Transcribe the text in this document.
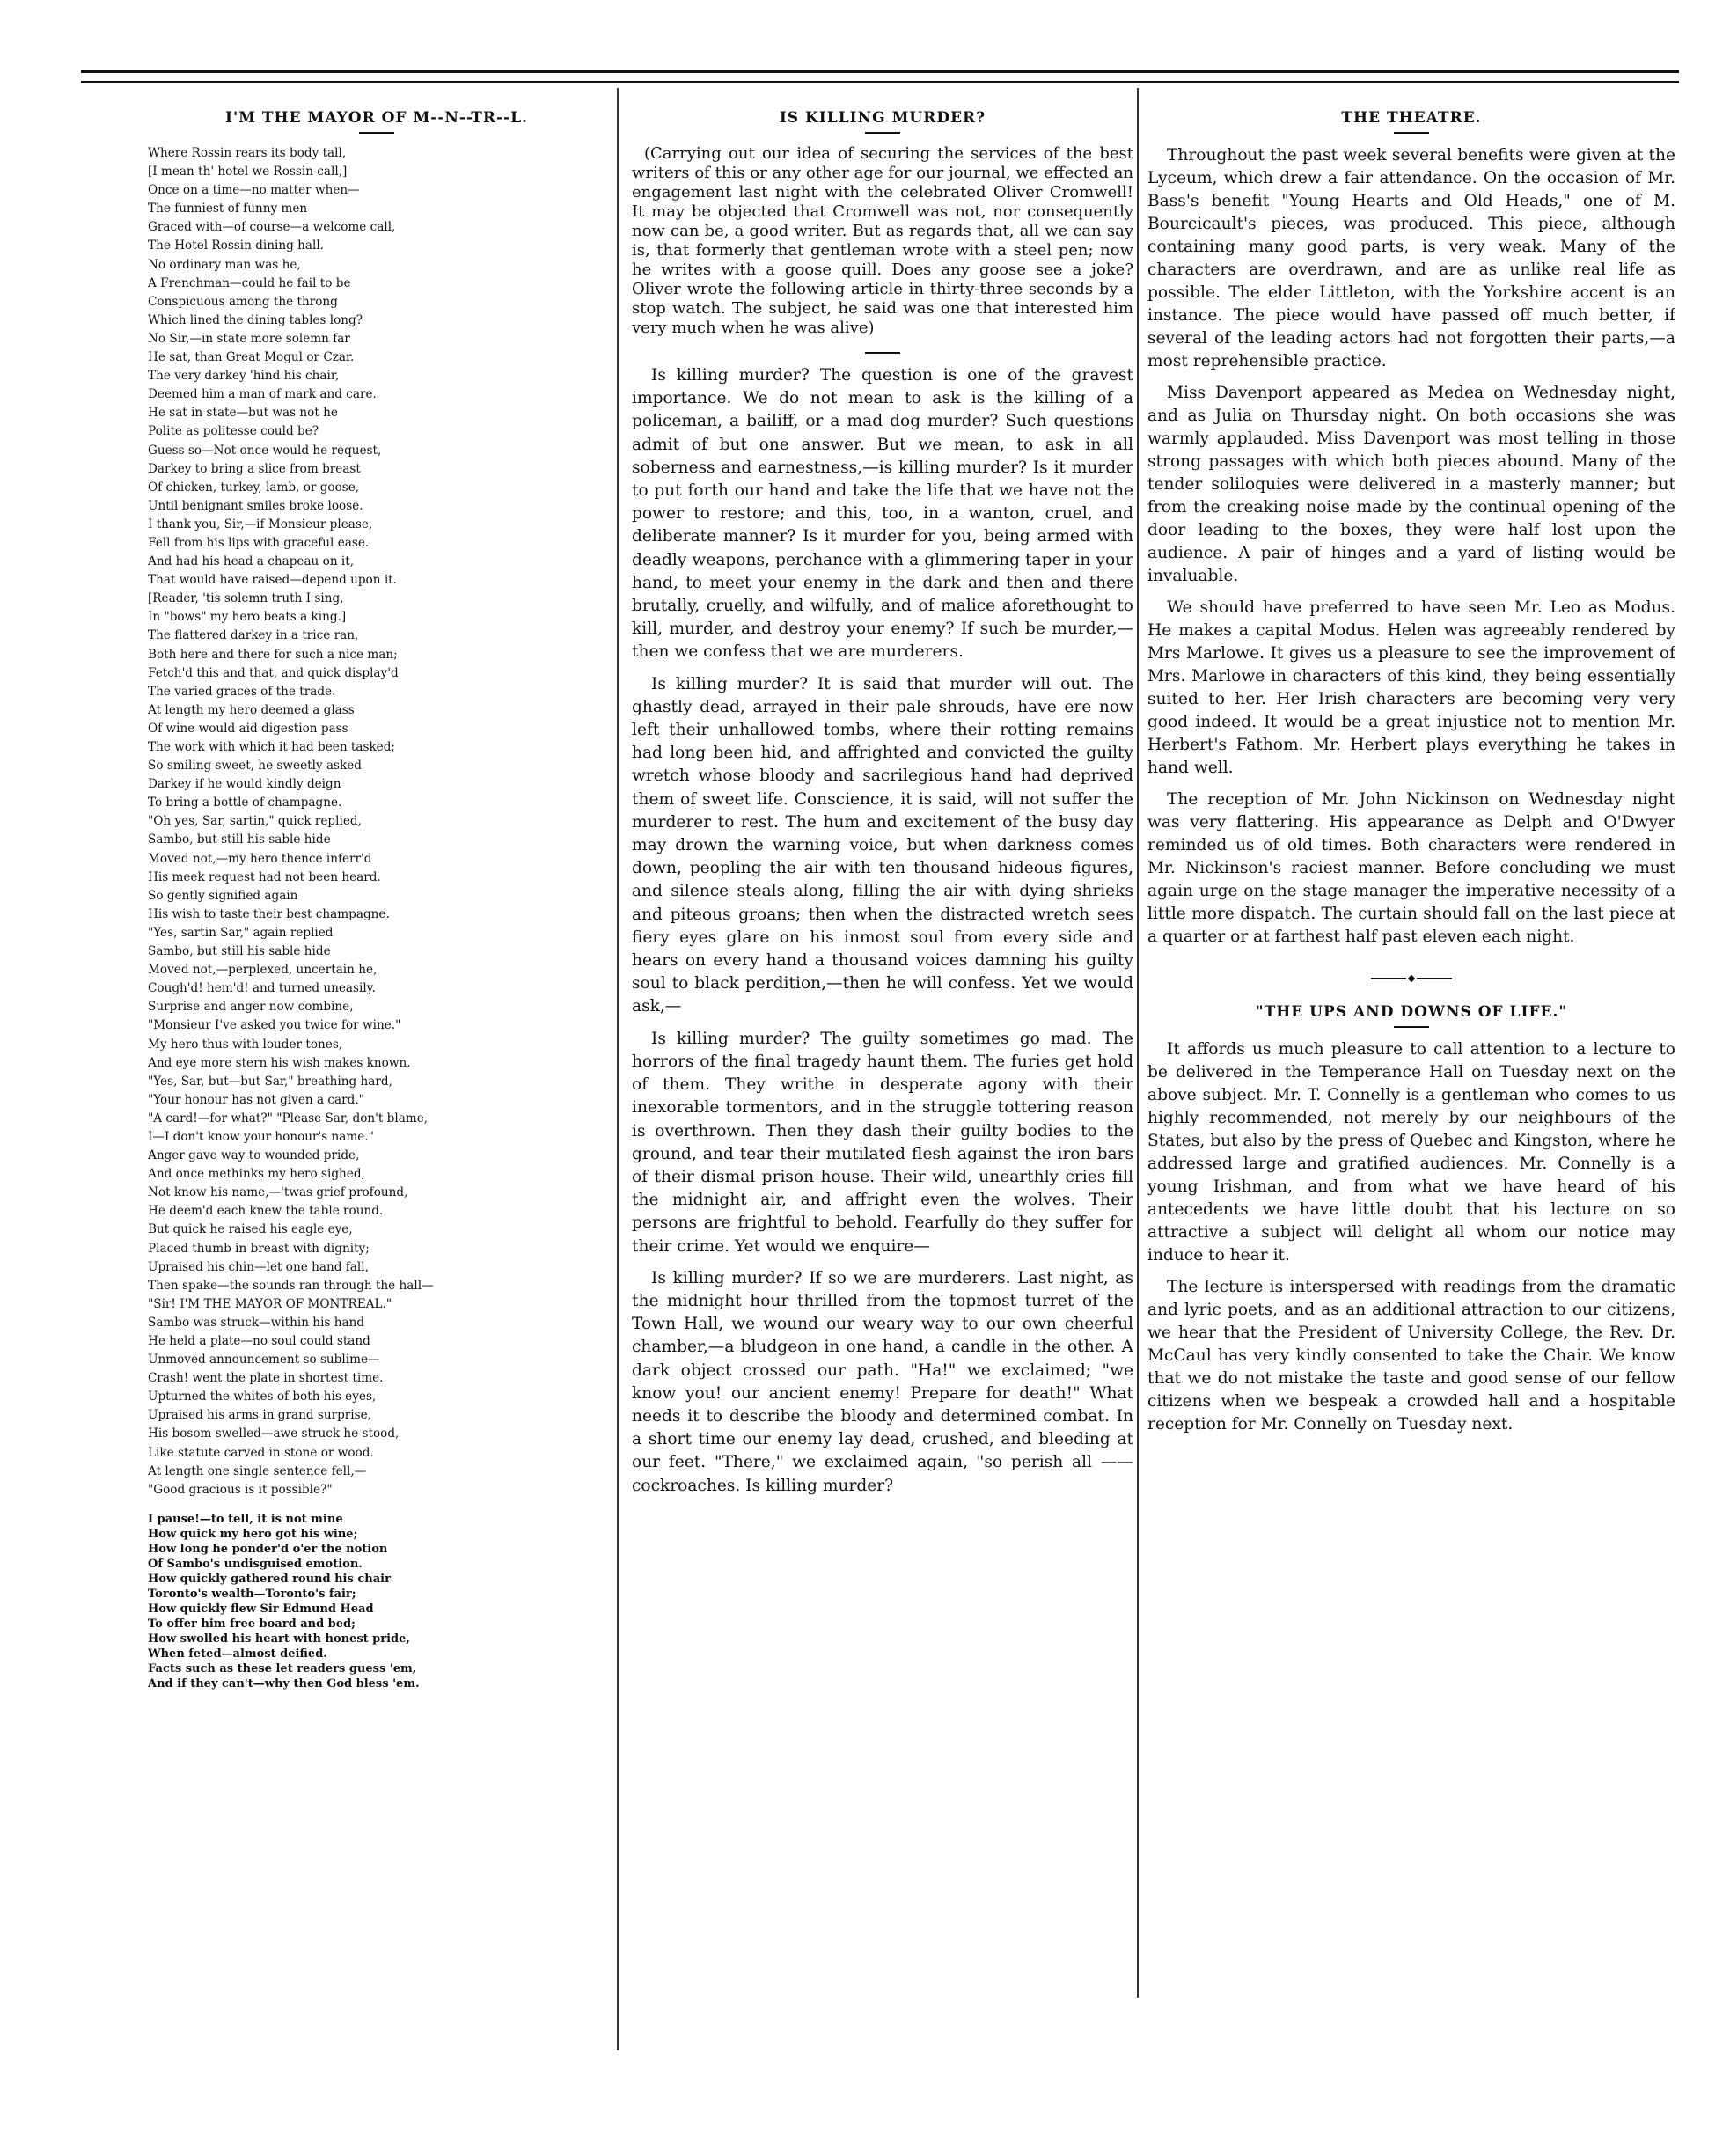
I'M THE MAYOR OF M--N--TR--L.
Where Rossin rears its body tall,
[I mean th' hotel we Rossin call,]
Once on a time—no matter when—
The funniest of funny men
Graced with—of course—a welcome call,
The Hotel Rossin dining hall.
No ordinary man was he,
A Frenchman—could he fail to be
Conspicuous among the throng
Which lined the dining tables long?
No Sir,—in state more solemn far
He sat, than Great Mogul or Czar.
The very darkey 'hind his chair,
Deemed him a man of mark and care.
He sat in state—but was not he
Polite as politesse could be?
Guess so—Not once would he request,
Darkey to bring a slice from breast
Of chicken, turkey, lamb, or goose,
Until benignant smiles broke loose.
I thank you, Sir,—if Monsieur please,
Fell from his lips with graceful ease.
And had his head a chapeau on it,
That would have raised—depend upon it.
[Reader, 'tis solemn truth I sing,
In "bows" my hero beats a king.]
The flattered darkey in a trice ran,
Both here and there for such a nice man;
Fetch'd this and that, and quick display'd
The varied graces of the trade.
At length my hero deemed a glass
Of wine would aid digestion pass
The work with which it had been tasked;
So smiling sweet, he sweetly asked
Darkey if he would kindly deign
To bring a bottle of champagne.
"Oh yes, Sar, sartin," quick replied,
Sambo, but still his sable hide
Moved not,—my hero thence inferr'd
His meek request had not been heard.
So gently signified again
His wish to taste their best champagne.
"Yes, sartin Sar," again replied
Sambo, but still his sable hide
Moved not,—perplexed, uncertain he,
Cough'd! hem'd! and turned uneasily.
Surprise and anger now combine,
"Monsieur I've asked you twice for wine."
My hero thus with louder tones,
And eye more stern his wish makes known.
"Yes, Sar, but—but Sar," breathing hard,
"Your honour has not given a card."
"A card!—for what?" "Please Sar, don't blame,
I—I don't know your honour's name."
Anger gave way to wounded pride,
And once methinks my hero sighed,
Not know his name,—'twas grief profound,
He deem'd each knew the table round.
But quick he raised his eagle eye,
Placed thumb in breast with dignity;
Upraised his chin—let one hand fall,
Then spake—the sounds ran through the hall—
"Sir! I'M THE MAYOR OF MONTREAL."
Sambo was struck—within his hand
He held a plate—no soul could stand
Unmoved announcement so sublime—
Crash! went the plate in shortest time.
Upturned the whites of both his eyes,
Upraised his arms in grand surprise,
His bosom swelled—awe struck he stood,
Like statute carved in stone or wood.
At length one single sentence fell,—
"Good gracious is it possible?"
I pause!—to tell, it is not mine
How quick my hero got his wine;
How long he ponder'd o'er the notion
Of Sambo's undisguised emotion.
How quickly gathered round his chair
Toronto's wealth—Toronto's fair;
How quickly flew Sir Edmund Head
To offer him free board and bed;
How swolled his heart with honest pride,
When feted—almost deified.
Facts such as these let readers guess 'em,
And if they can't—why then God bless 'em.
IS KILLING MURDER?

(Carrying out our idea of securing the services of the best writers of this or any other age for our journal, we effected an engagement last night with the celebrated Oliver Cromwell! It may be objected that Cromwell was not, nor consequently now can be, a good writer. But as regards that, all we can say is, that formerly that gentleman wrote with a steel pen; now he writes with a goose quill. Does any goose see a joke? Oliver wrote the following article in thirty-three seconds by a stop watch. The subject, he said was one that interested him very much when he was alive)

Is killing murder? The question is one of the gravest importance. We do not mean to ask is the killing of a policeman, a bailiff, or a mad dog murder? Such questions admit of but one answer. But we mean, to ask in all soberness and earnestness,—is killing murder? Is it murder to put forth our hand and take the life that we have not the power to restore; and this, too, in a wanton, cruel, and deliberate manner? Is it murder for you, being armed with deadly weapons, perchance with a glimmering taper in your hand, to meet your enemy in the dark and then and there brutally, cruelly, and wilfully, and of malice aforethought to kill, murder, and destroy your enemy? If such be murder,—then we confess that we are murderers.

Is killing murder? It is said that murder will out. The ghastly dead, arrayed in their pale shrouds, have ere now left their unhallowed tombs, where their rotting remains had long been hid, and affrighted and convicted the guilty wretch whose bloody and sacrilegious hand had deprived them of sweet life. Conscience, it is said, will not suffer the murderer to rest. The hum and excitement of the busy day may drown the warning voice, but when darkness comes down, peopling the air with ten thousand hideous figures, and silence steals along, filling the air with dying shrieks and piteous groans; then when the distracted wretch sees fiery eyes glare on his inmost soul from every side and hears on every hand a thousand voices damning his guilty soul to black perdition,—then he will confess. Yet we would ask,—

Is killing murder? The guilty sometimes go mad. The horrors of the final tragedy haunt them. The furies get hold of them. They writhe in desperate agony with their inexorable tormentors, and in the struggle tottering reason is overthrown. Then they dash their guilty bodies to the ground, and tear their mutilated flesh against the iron bars of their dismal prison house. Their wild, unearthly cries fill the midnight air, and affright even the wolves. Their persons are frightful to behold. Fearfully do they suffer for their crime. Yet would we enquire—

Is killing murder? If so we are murderers. Last night, as the midnight hour thrilled from the topmost turret of the Town Hall, we wound our weary way to our own cheerful chamber,—a bludgeon in one hand, a candle in the other. A dark object crossed our path. "Ha!" we exclaimed; "we know you! our ancient enemy! Prepare for death!" What needs it to describe the bloody and determined combat. In a short time our enemy lay dead, crushed, and bleeding at our feet. "There," we exclaimed again, "so perish all —— cockroaches. Is killing murder?

THE THEATRE.

Throughout the past week several benefits were given at the Lyceum, which drew a fair attendance. On the occasion of Mr. Bass's benefit "Young Hearts and Old Heads," one of M. Bourcicault's pieces, was produced. This piece, although containing many good parts, is very weak. Many of the characters are overdrawn, and are as unlike real life as possible. The elder Littleton, with the Yorkshire accent is an instance. The piece would have passed off much better, if several of the leading actors had not forgotten their parts,—a most reprehensible practice.

Miss Davenport appeared as Medea on Wednesday night, and as Julia on Thursday night. On both occasions she was warmly applauded. Miss Davenport was most telling in those strong passages with which both pieces abound. Many of the tender soliloquies were delivered in a masterly manner; but from the creaking noise made by the continual opening of the door leading to the boxes, they were half lost upon the audience. A pair of hinges and a yard of listing would be invaluable.

We should have preferred to have seen Mr. Leo as Modus. He makes a capital Modus. Helen was agreeably rendered by Mrs Marlowe. It gives us a pleasure to see the improvement of Mrs. Marlowe in characters of this kind, they being essentially suited to her. Her Irish characters are becoming very very good indeed. It would be a great injustice not to mention Mr. Herbert's Fathom. Mr. Herbert plays everything he takes in hand well.

The reception of Mr. John Nickinson on Wednesday night was very flattering. His appearance as Delph and O'Dwyer reminded us of old times. Both characters were rendered in Mr. Nickinson's raciest manner. Before concluding we must again urge on the stage manager the imperative necessity of a little more dispatch. The curtain should fall on the last piece at a quarter or at farthest half past eleven each night.

"THE UPS AND DOWNS OF LIFE."

It affords us much pleasure to call attention to a lecture to be delivered in the Temperance Hall on Tuesday next on the above subject. Mr. T. Connelly is a gentleman who comes to us highly recommended, not merely by our neighbours of the States, but also by the press of Quebec and Kingston, where he addressed large and gratified audiences. Mr. Connelly is a young Irishman, and from what we have heard of his antecedents we have little doubt that his lecture on so attractive a subject will delight all whom our notice may induce to hear it.

The lecture is interspersed with readings from the dramatic and lyric poets, and as an additional attraction to our citizens, we hear that the President of University College, the Rev. Dr. McCaul has very kindly consented to take the Chair. We know that we do not mistake the taste and good sense of our fellow citizens when we bespeak a crowded hall and a hospitable reception for Mr. Connelly on Tuesday next.
